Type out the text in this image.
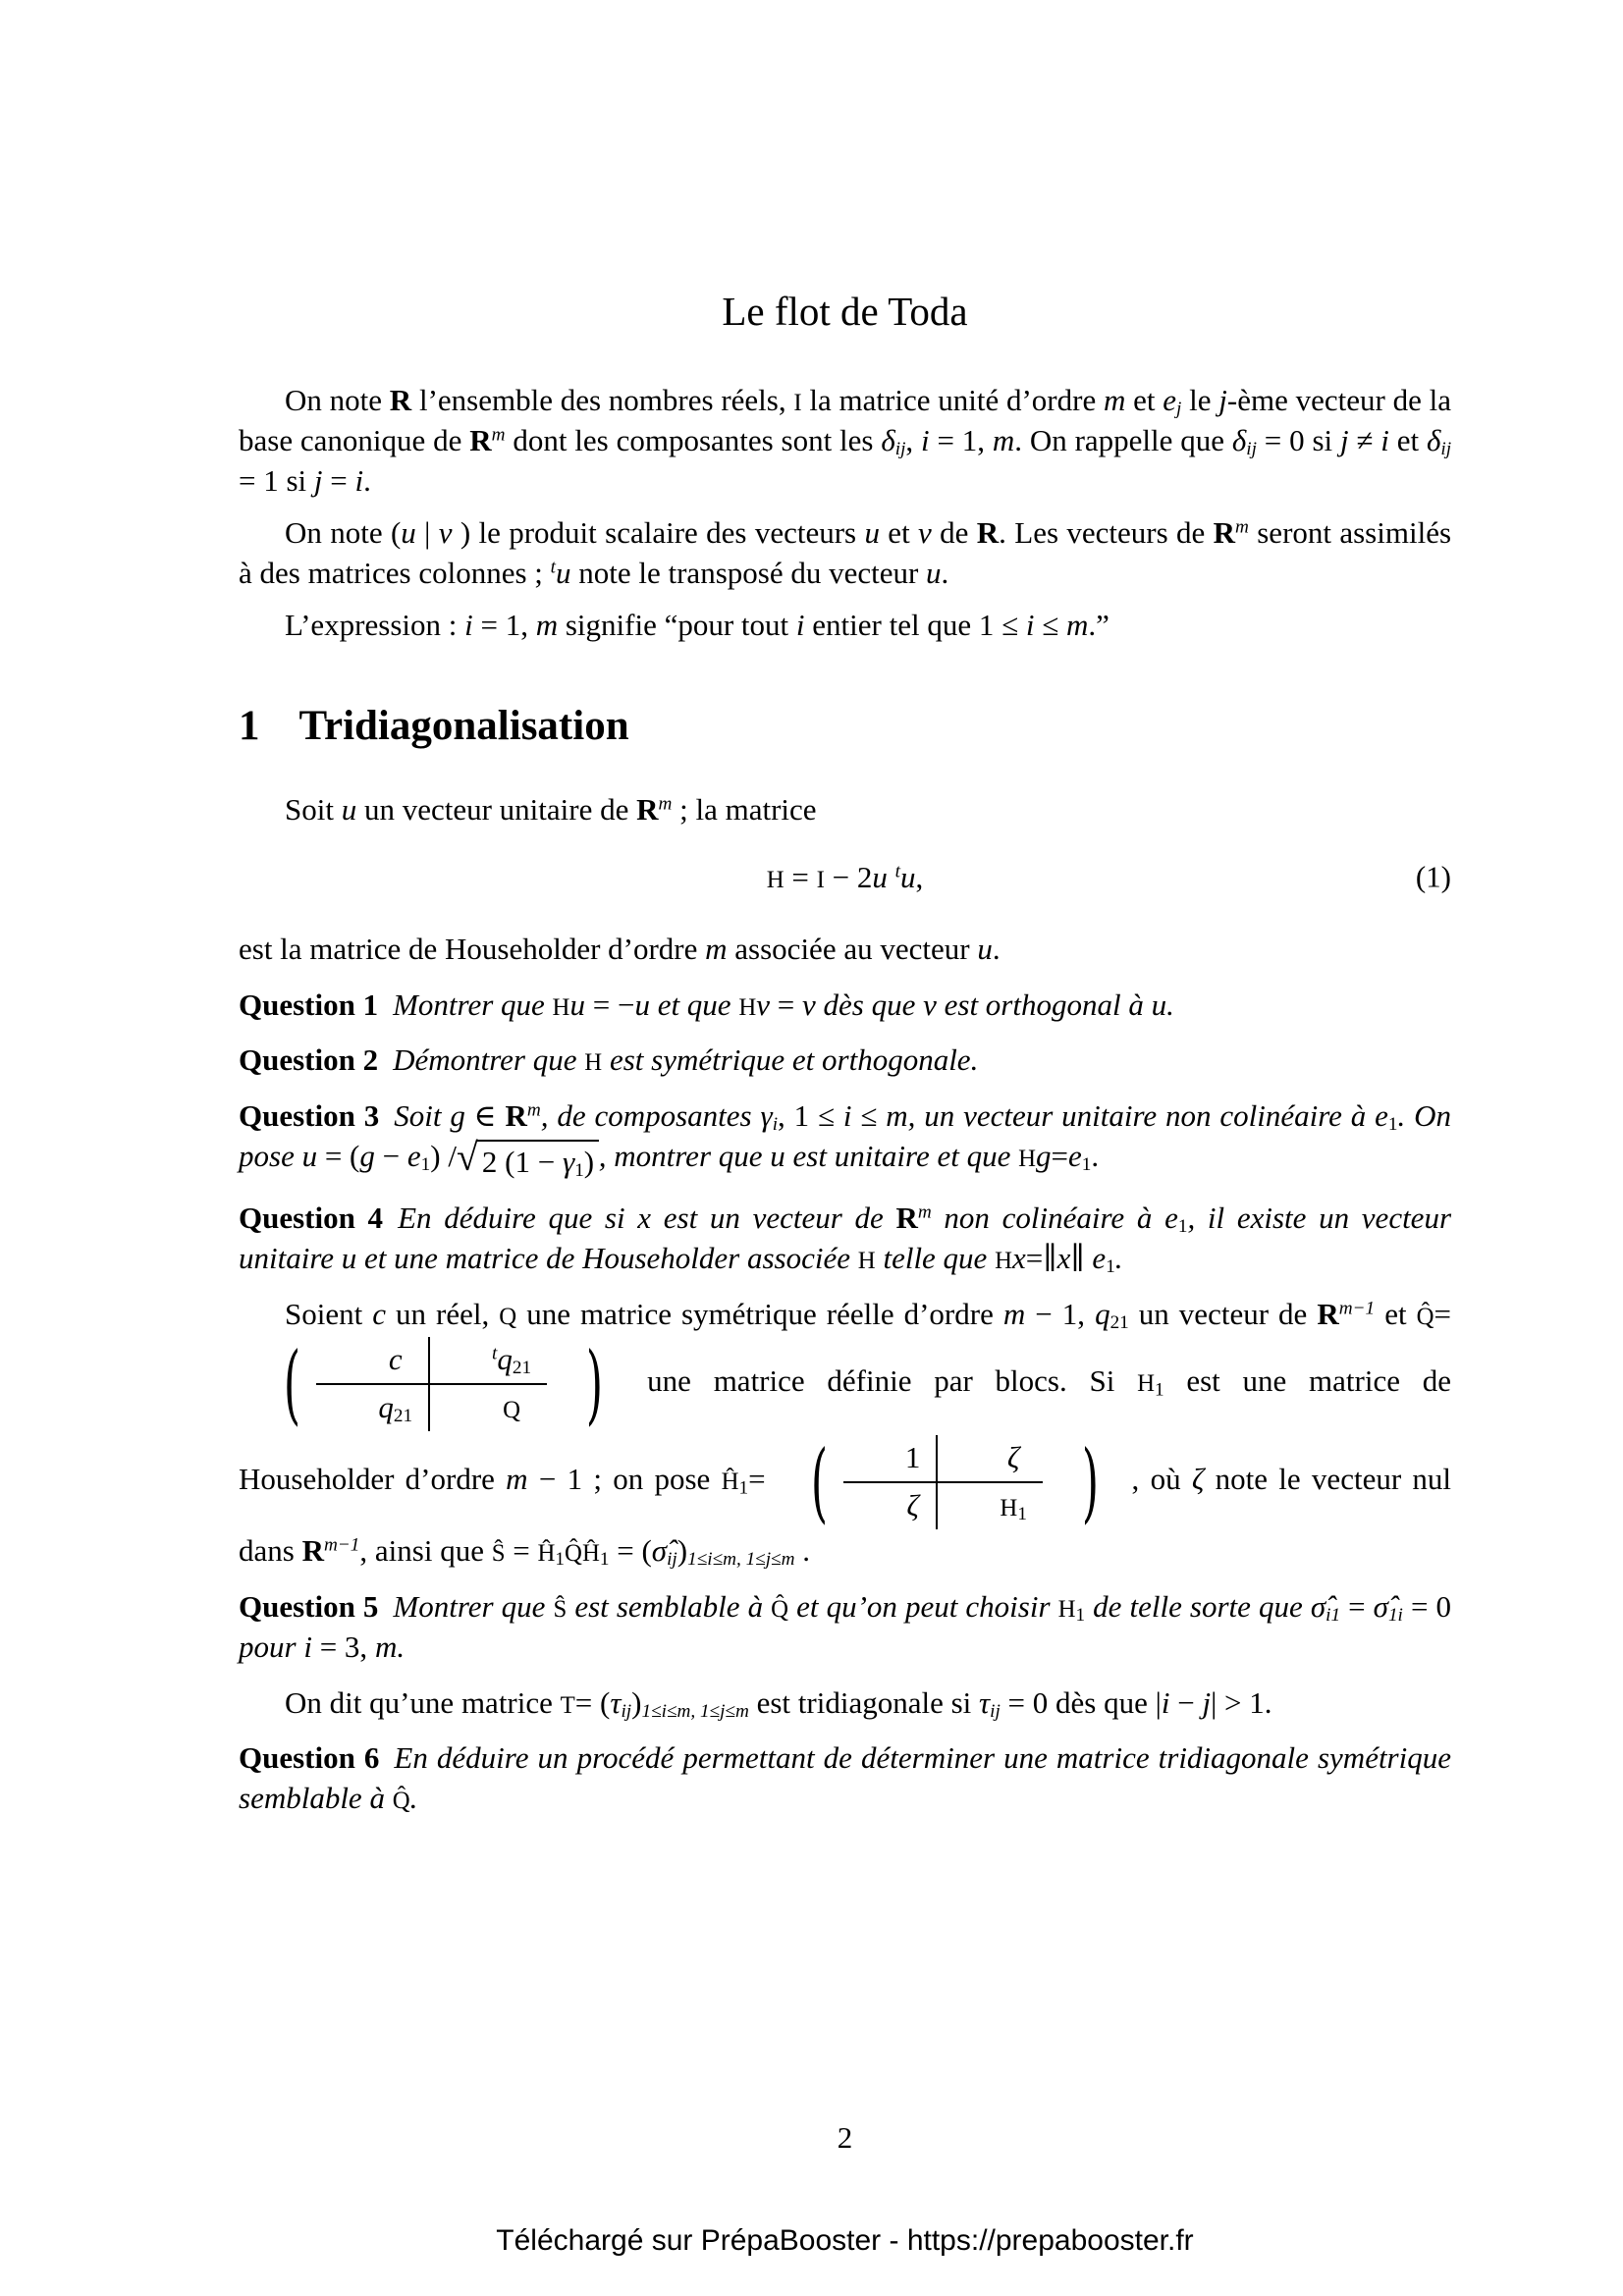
Le flot de Toda

On note R l’ensemble des nombres réels, I la matrice unité d’ordre m et $e_j$ le j-ème vecteur de la base canonique de $R^m$ dont les composantes sont les $\delta_{ij}$, i = 1, m. On rappelle que $\delta_{ij} = 0$ si j ≠ i et $\delta_{ij} = 1$ si j = i.

On note (u | v ) le produit scalaire des vecteurs u et v de R. Les vecteurs de $R^m$ seront assimilés à des matrices colonnes ; $^t$u note le transposé du vecteur u.

L’expression : i = 1, m signifie “pour tout i entier tel que 1 ≤ i ≤ m.”

1 Tridiagonalisation

Soit u un vecteur unitaire de $R^m$ ; la matrice

H = I − 2u $^t$u,	(1)

est la matrice de Householder d’ordre m associée au vecteur u.

Question 1 Montrer que Hu = −u et que Hv = v dès que v est orthogonal à u.
Question 2 Démontrer que H est symétrique et orthogonale.
Question 3 Soit g ∈ $R^m$, de composantes $\gamma_i$, 1 ≤ i ≤ m, un vecteur unitaire non colinéaire à $e_1$. On pose $u = (g - e_1)$ / √ 2 $(1 - \gamma_1)$ , montrer que u est unitaire et que $Hg=e_1$.
Question 4 En déduire que si x est un vecteur de $R^m$ non colinéaire à $e_1$, il existe un vecteur unitaire u et une matrice de Householder associée H telle que Hx=∥x∥ $e_1$.

Soient c un réel, Q une matrice symétrique réelle d’ordre m − 1, $q_{21}$ un vecteur de $R^{m-1}$ et Q̂=
(	c	$^tq_{21}$
$q_{21}$	Q ) une matrice définie par blocs. Si $H_1$ est une matrice de Householder d’ordre m − 1 ; on pose $Ĥ_1=$ (	1	ζ
ζ	$H_1$ ) , où ζ note le vecteur nul dans $R^{m-1}$, ainsi que Ŝ = $Ĥ_1Q̂Ĥ_1$ = $(\sigmâ_{ij})_{1\le i\le m, 1\le j\le m}$ .

Question 5 Montrer que Ŝ est semblable à Q̂ et qu’on peut choisir $H_1$ de telle sorte que $\sigmâ_{i1}$ = $\sigmâ_{1i} = 0$ pour i = 3, m.

On dit qu’une matrice $T= (\tau_{ij})_{1\le i\le m, 1\le j\le m}$ est tridiagonale si $\tau_{ij} = 0$ dès que |i − j| > 1.

Question 6 En déduire un procédé permettant de déterminer une matrice tridiagonale symétrique semblable à Q̂.
2
Téléchargé sur PrépaBooster - https://prepabooster.fr
